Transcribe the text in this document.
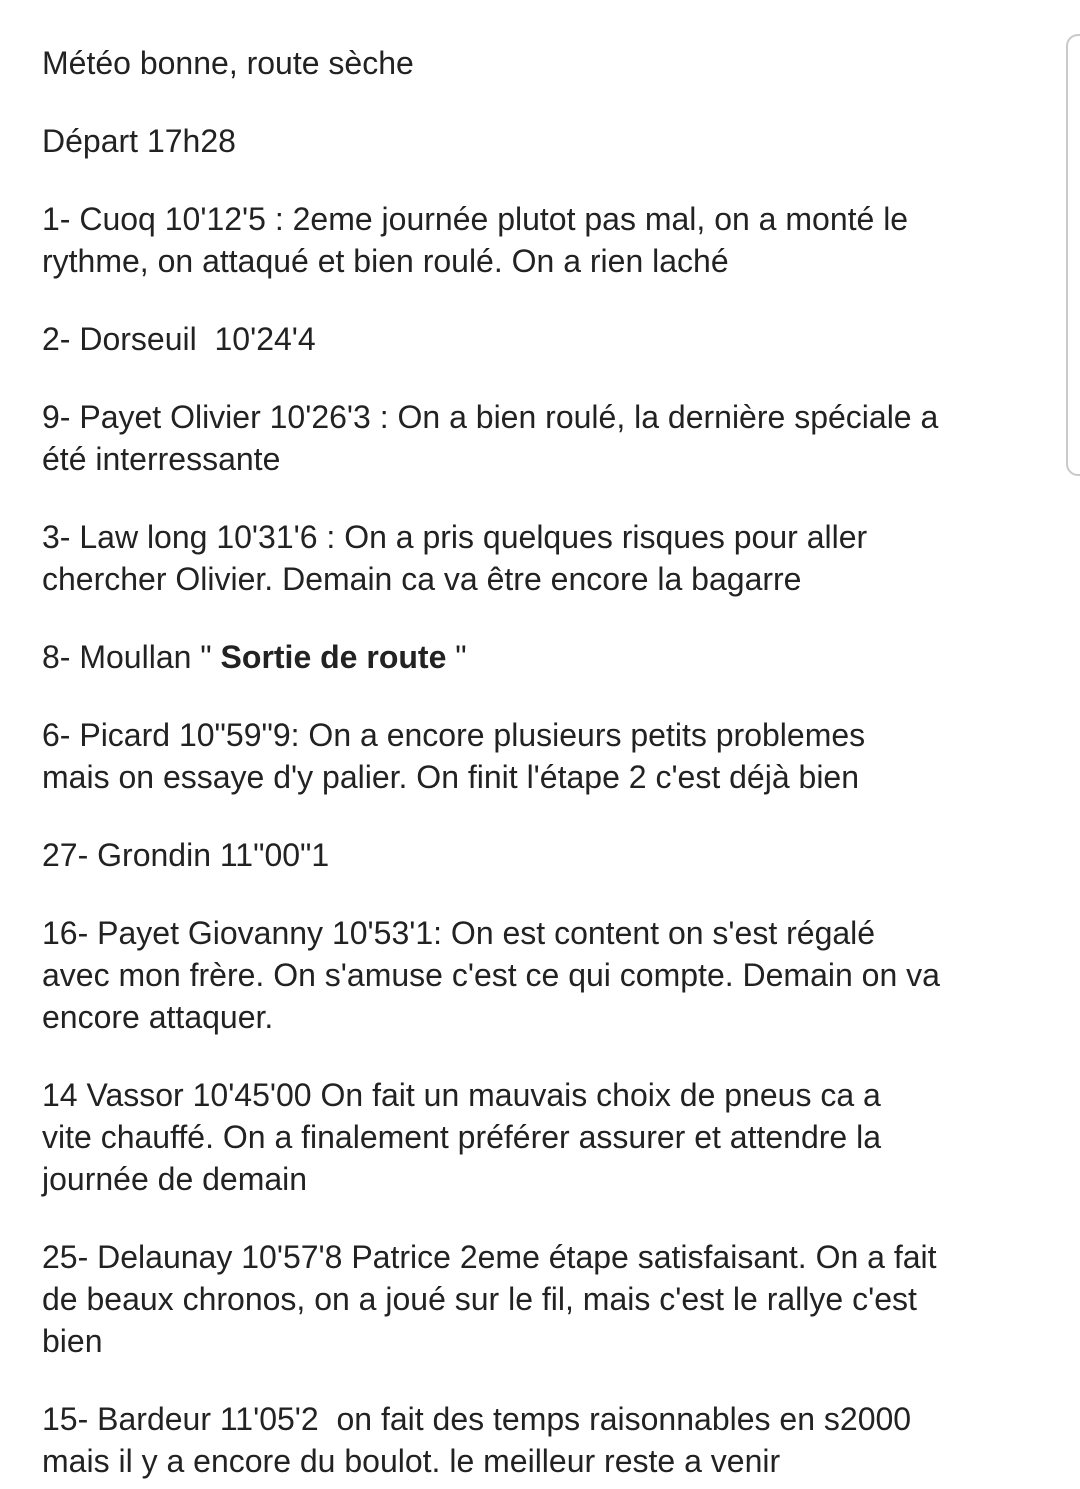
Météo bonne, route sèche

Départ 17h28

1- Cuoq 10'12'5 : 2eme journée plutot pas mal, on a monté le
rythme, on attaqué et bien roulé. On a rien laché

2- Dorseuil  10'24'4

9- Payet Olivier 10'26'3 : On a bien roulé, la dernière spéciale a
été interressante

3- Law long 10'31'6 : On a pris quelques risques pour aller
chercher Olivier. Demain ca va être encore la bagarre

8- Moullan " Sortie de route "

6- Picard 10"59"9: On a encore plusieurs petits problemes
mais on essaye d'y palier. On finit l'étape 2 c'est déjà bien

27- Grondin 11"00"1

16- Payet Giovanny 10'53'1: On est content on s'est régalé
avec mon frère. On s'amuse c'est ce qui compte. Demain on va
encore attaquer.

14 Vassor 10'45'00 On fait un mauvais choix de pneus ca a
vite chauffé. On a finalement préférer assurer et attendre la
journée de demain

25- Delaunay 10'57'8 Patrice 2eme étape satisfaisant. On a fait
de beaux chronos, on a joué sur le fil, mais c'est le rallye c'est
bien

15- Bardeur 11'05'2  on fait des temps raisonnables en s2000
mais il y a encore du boulot. le meilleur reste a venir
